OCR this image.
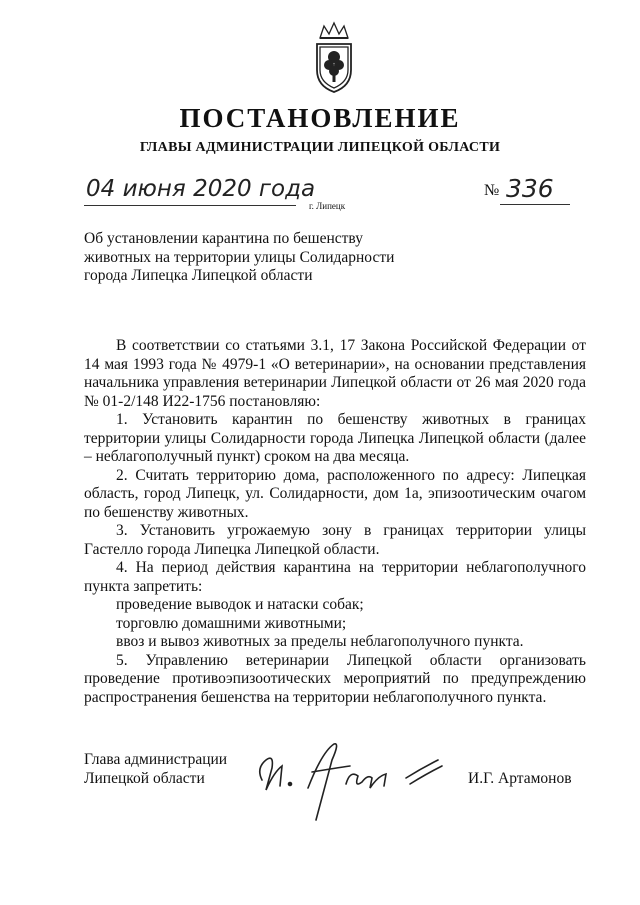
ПОСТАНОВЛЕНИЕ
ГЛАВЫ АДМИНИСТРАЦИИ ЛИПЕЦКОЙ ОБЛАСТИ
04 июня 2020 года
г. Липецк
№ 336
Об установлении карантина по бешенству
животных на территории улицы Солидарности
города Липецка Липецкой области

В соответствии со статьями 3.1, 17 Закона Российской Федерации от 14 мая 1993 года № 4979-1 «О ветеринарии», на основании представления начальника управления ветеринарии Липецкой области от 26 мая 2020 года № 01-2/148 И22-1756 постановляю:

1. Установить карантин по бешенству животных в границах территории улицы Солидарности города Липецка Липецкой области (далее – неблагополучный пункт) сроком на два месяца.

2. Считать территорию дома, расположенного по адресу: Липецкая область, город Липецк, ул. Солидарности, дом 1а, эпизоотическим очагом по бешенству животных.

3. Установить угрожаемую зону в границах территории улицы Гастелло города Липецка Липецкой области.

4. На период действия карантина на территории неблагополучного пункта запретить:

проведение выводок и натаски собак;

торговлю домашними животными;

ввоз и вывоз животных за пределы неблагополучного пункта.

5. Управлению ветеринарии Липецкой области организовать проведение противоэпизоотических мероприятий по предупреждению распространения бешенства на территории неблагополучного пункта.

Глава администрации
Липецкой области	И.Г. Артамонов
